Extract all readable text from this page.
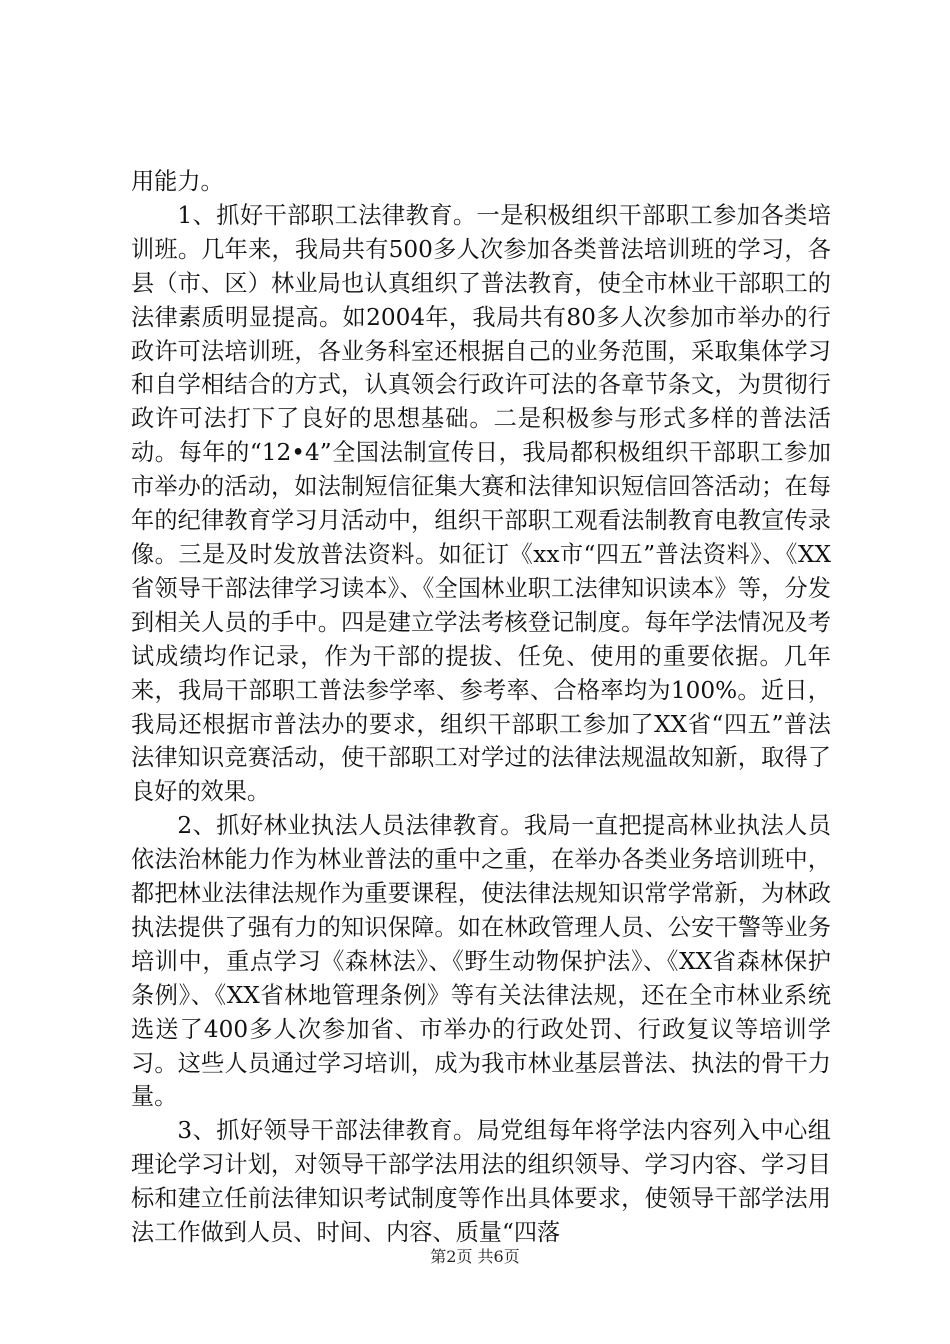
用能力。

1、抓好干部职工法律教育。一是积极组织干部职工参加各类培训班。几年来，我局共有500多人次参加各类普法培训班的学习，各县（市、区）林业局也认真组织了普法教育，使全市林业干部职工的法律素质明显提高。如2004年，我局共有80多人次参加市举办的行政许可法培训班，各业务科室还根据自己的业务范围，采取集体学习和自学相结合的方式，认真领会行政许可法的各章节条文，为贯彻行政许可法打下了良好的思想基础。二是积极参与形式多样的普法活动。每年的“12•4”全国法制宣传日，我局都积极组织干部职工参加市举办的活动，如法制短信征集大赛和法律知识短信回答活动；在每年的纪律教育学习月活动中，组织干部职工观看法制教育电教宣传录像。三是及时发放普法资料。如征订《xx市“四五”普法资料》、《XX省领导干部法律学习读本》、《全国林业职工法律知识读本》等，分发到相关人员的手中。四是建立学法考核登记制度。每年学法情况及考试成绩均作记录，作为干部的提拔、任免、使用的重要依据。几年来，我局干部职工普法参学率、参考率、合格率均为100%。近日，我局还根据市普法办的要求，组织干部职工参加了XX省“四五”普法法律知识竞赛活动，使干部职工对学过的法律法规温故知新，取得了良好的效果。

2、抓好林业执法人员法律教育。我局一直把提高林业执法人员依法治林能力作为林业普法的重中之重，在举办各类业务培训班中，都把林业法律法规作为重要课程，使法律法规知识常学常新，为林政执法提供了强有力的知识保障。如在林政管理人员、公安干警等业务培训中，重点学习《森林法》、《野生动物保护法》、《XX省森林保护条例》、《XX省林地管理条例》等有关法律法规，还在全市林业系统选送了400多人次参加省、市举办的行政处罚、行政复议等培训学习。这些人员通过学习培训，成为我市林业基层普法、执法的骨干力量。

3、抓好领导干部法律教育。局党组每年将学法内容列入中心组理论学习计划，对领导干部学法用法的组织领导、学习内容、学习目标和建立任前法律知识考试制度等作出具体要求，使领导干部学法用法工作做到人员、时间、内容、质量“四落

第2页 共6页
